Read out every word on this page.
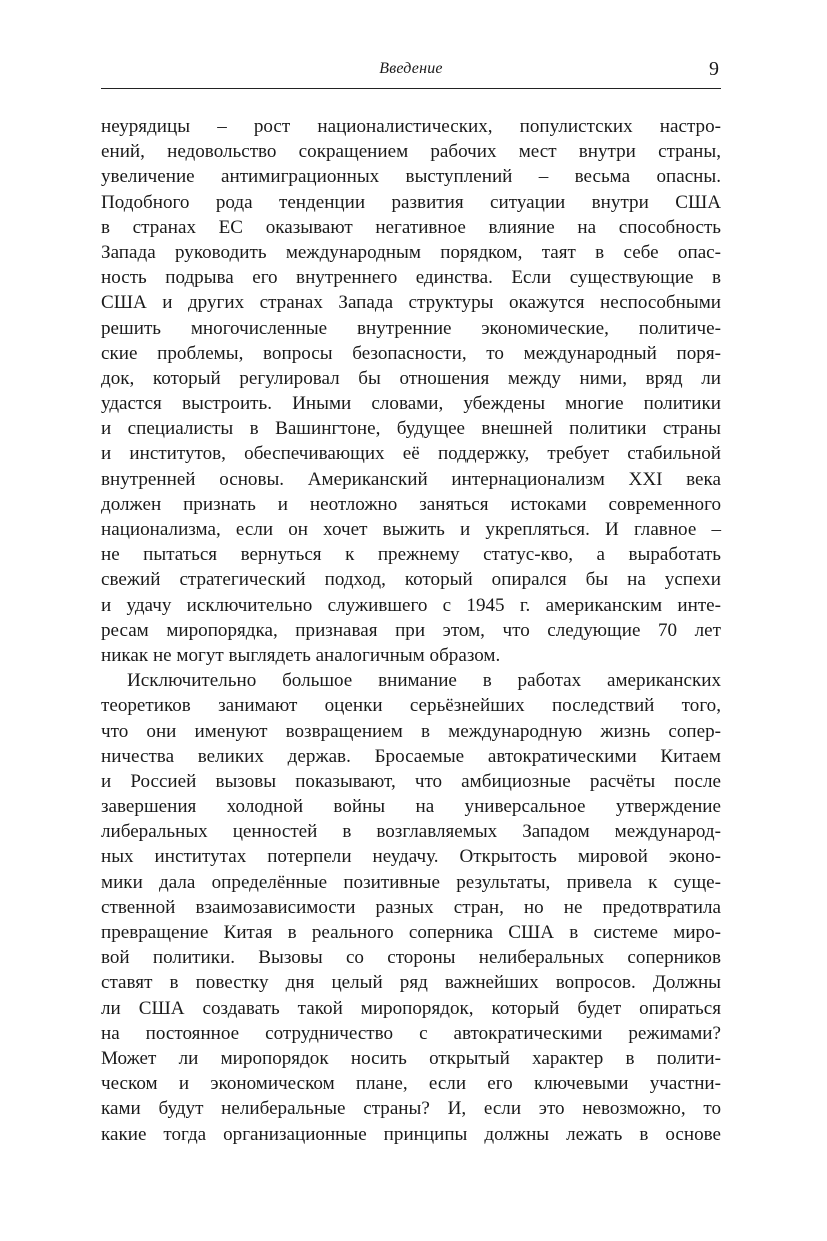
Введение	9
неурядицы – рост националистических, популистских настро-
ений, недовольство сокращением рабочих мест внутри страны,
увеличение антимиграционных выступлений – весьма опасны.
Подобного рода тенденции развития ситуации внутри США
в странах ЕС оказывают негативное влияние на способность
Запада руководить международным порядком, таят в себе опас-
ность подрыва его внутреннего единства. Если существующие в
США и других странах Запада структуры окажутся неспособными
решить многочисленные внутренние экономические, политиче-
ские проблемы, вопросы безопасности, то международный поря-
док, который регулировал бы отношения между ними, вряд ли
удастся выстроить. Иными словами, убеждены многие политики
и специалисты в Вашингтоне, будущее внешней политики страны
и институтов, обеспечивающих её поддержку, требует стабильной
внутренней основы. Американский интернационализм XXI века
должен признать и неотложно заняться истоками современного
национализма, если он хочет выжить и укрепляться. И главное –
не пытаться вернуться к прежнему статус-кво, а выработать
свежий стратегический подход, который опирался бы на успехи
и удачу исключительно служившего с 1945 г. американским инте-
ресам миропорядка, признавая при этом, что следующие 70 лет
никак не могут выглядеть аналогичным образом.
Исключительно большое внимание в работах американских
теоретиков занимают оценки серьёзнейших последствий того,
что они именуют возвращением в международную жизнь сопер-
ничества великих держав. Бросаемые автократическими Китаем
и Россией вызовы показывают, что амбициозные расчёты после
завершения холодной войны на универсальное утверждение
либеральных ценностей в возглавляемых Западом международ-
ных институтах потерпели неудачу. Открытость мировой эконо-
мики дала определённые позитивные результаты, привела к суще-
ственной взаимозависимости разных стран, но не предотвратила
превращение Китая в реального соперника США в системе миро-
вой политики. Вызовы со стороны нелиберальных соперников
ставят в повестку дня целый ряд важнейших вопросов. Должны
ли США создавать такой миропорядок, который будет опираться
на постоянное сотрудничество с автократическими режимами?
Может ли миропорядок носить открытый характер в полити-
ческом и экономическом плане, если его ключевыми участни-
ками будут нелиберальные страны? И, если это невозможно, то
какие тогда организационные принципы должны лежать в основе
